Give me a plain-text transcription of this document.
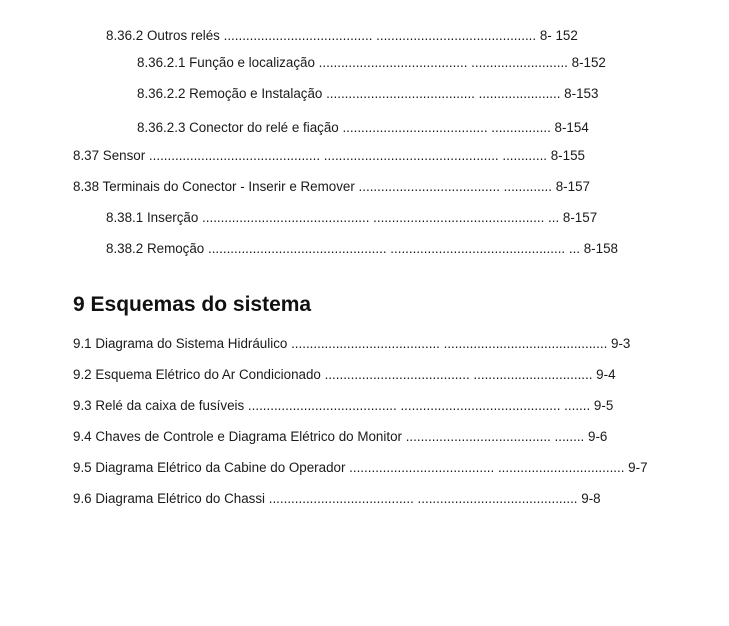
8.36.2 Outros relés ........................................ ........................................... 8- 152
8.36.2.1 Função e localização ........................................ .......................... 8-152
8.36.2.2 Remoção e Instalação ........................................ ...................... 8-153
8.36.2.3 Conector do relé e fiação ....................................... ................ 8-154
8.37 Sensor .............................................. ............................................... ............ 8-155
8.38 Terminais do Conector - Inserir e Remover ...................................... ............. 8-157
8.38.1 Inserção ............................................. .............................................. ... 8-157
8.38.2 Remoção ................................................ ............................................... ... 8-158
9 Esquemas do sistema
9.1 Diagrama do Sistema Hidráulico ........................................ ............................................ 9-3
9.2 Esquema Elétrico do Ar Condicionado ....................................... ................................ 9-4
9.3 Relé da caixa de fusíveis ........................................ ........................................... ....... 9-5
9.4 Chaves de Controle e Diagrama Elétrico do Monitor ....................................... ........ 9-6
9.5 Diagrama Elétrico da Cabine do Operador ....................................... .................................. 9-7
9.6 Diagrama Elétrico do Chassi ....................................... ........................................... 9-8
